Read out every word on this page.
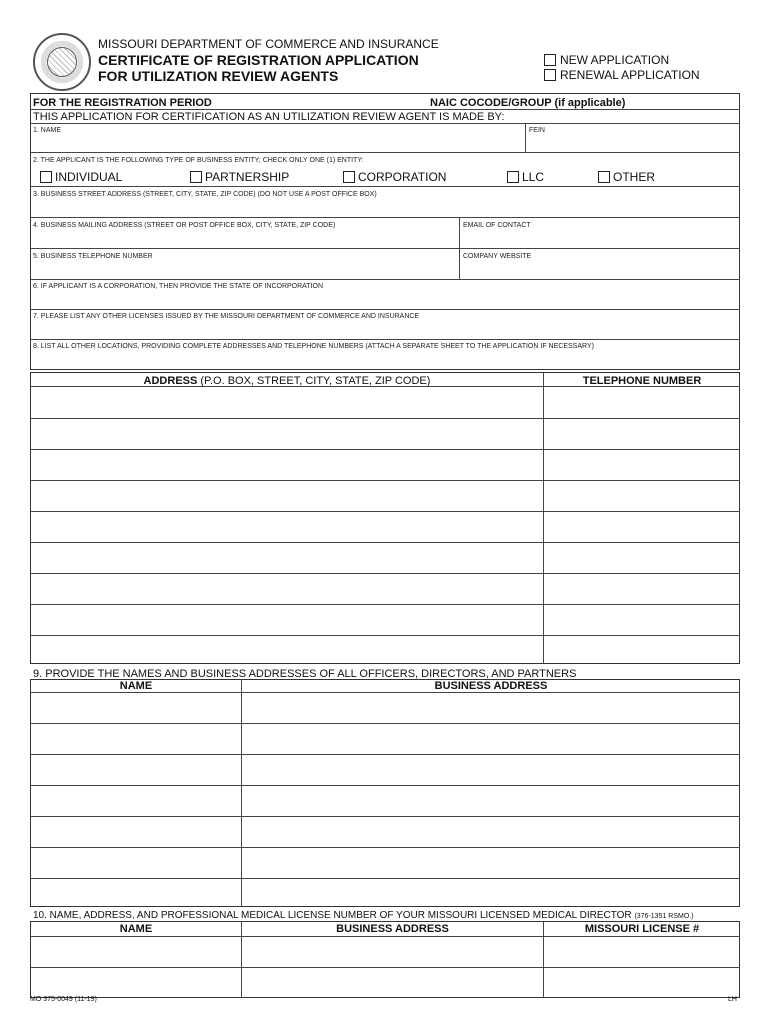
MISSOURI DEPARTMENT OF COMMERCE AND INSURANCE
CERTIFICATE OF REGISTRATION APPLICATION
FOR UTILIZATION REVIEW AGENTS
NEW APPLICATION
RENEWAL APPLICATION
FOR THE REGISTRATION PERIOD	NAIC COCODE/GROUP (if applicable)
THIS APPLICATION FOR CERTIFICATION AS AN UTILIZATION REVIEW AGENT IS MADE BY:
1. NAME	FEIN
2. THE APPLICANT IS THE FOLLOWING TYPE OF BUSINESS ENTITY; CHECK ONLY ONE (1) ENTITY:
INDIVIDUAL	PARTNERSHIP	CORPORATION	LLC	OTHER
3. BUSINESS STREET ADDRESS (STREET, CITY, STATE, ZIP CODE) (DO NOT USE A POST OFFICE BOX)
4. BUSINESS MAILING ADDRESS (STREET OR POST OFFICE BOX, CITY, STATE, ZIP CODE)	EMAIL OF CONTACT
5. BUSINESS TELEPHONE NUMBER	COMPANY WEBSITE
6. IF APPLICANT IS A CORPORATION, THEN PROVIDE THE STATE OF INCORPORATION
7. PLEASE LIST ANY OTHER LICENSES ISSUED BY THE MISSOURI DEPARTMENT OF COMMERCE AND INSURANCE
8. LIST ALL OTHER LOCATIONS, PROVIDING COMPLETE ADDRESSES AND TELEPHONE NUMBERS (ATTACH A SEPARATE SHEET TO THE APPLICATION IF NECESSARY)
ADDRESS (P.O. BOX, STREET, CITY, STATE, ZIP CODE)	TELEPHONE NUMBER
9. PROVIDE THE NAMES AND BUSINESS ADDRESSES OF ALL OFFICERS, DIRECTORS, AND PARTNERS
NAME	BUSINESS ADDRESS
10. NAME, ADDRESS, AND PROFESSIONAL MEDICAL LICENSE NUMBER OF YOUR MISSOURI LICENSED MEDICAL DIRECTOR (376-1351 RSMO.)
NAME	BUSINESS ADDRESS	MISSOURI LICENSE #
MO 375-0049 (11-19)	LH
